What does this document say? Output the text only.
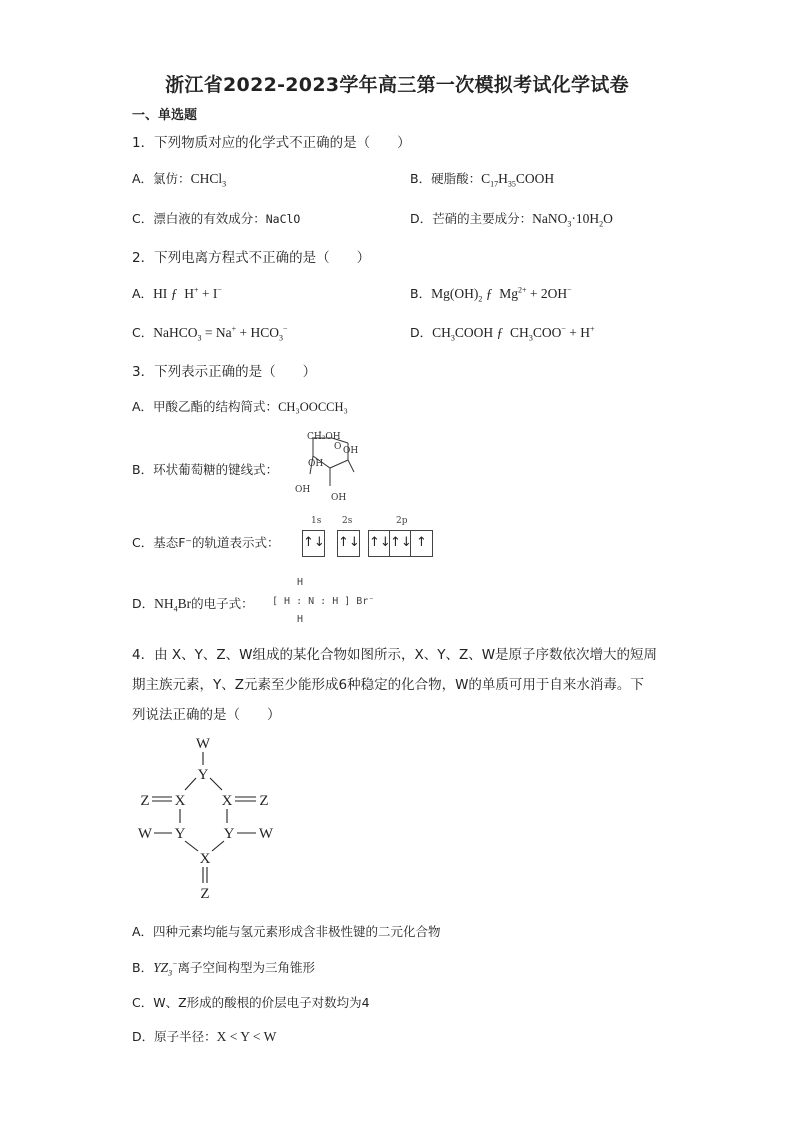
浙江省2022-2023学年高三第一次模拟考试化学试卷
一、单选题
1．下列物质对应的化学式不正确的是（　　）
A．氯仿：CHCl$_3$	B．硬脂酸：$C_{17}H_{35}COOH$
C．漂白液的有效成分：NaClO	D．芒硝的主要成分：$NaNO_3\cdot 10H_2O$
2．下列电离方程式不正确的是（　　）
A．HI ƒ  H+ + I−	B．$Mg(OH)_2$ ƒ  $Mg^{2+} + 2OH^-$
C．NaHCO$_3$ = $Na^+ + HCO_3^-$	D．$CH_3COOH$ ƒ  $CH_3COO^- + H^+$
3．下列表示正确的是（　　）
A．甲酸乙酯的结构简式：CH₃OOCCH₃
B．环状葡萄糖的键线式：
CH₂OH
O
OH
OH
OH
OH
C．基态F⁻的轨道表示式：
1s 2s	2p
↑↓ ↑↓ ↑↓ ↑↓ ↑
D．$NH_4Br$的电子式：
H
[ H : N : H ] Br⁻
H
4．由 X、Y、Z、W组成的某化合物如图所示，X、Y、Z、W是原子序数依次增大的短周
期主族元素，Y、Z元素至少能形成6种稳定的化合物，W的单质可用于自来水消毒。下
列说法正确的是（　　）
W
Y
Z X X Z
W Y	Y W
X
Z
A．四种元素均能与氢元素形成含非极性键的二元化合物
B．$YZ_3^-$离子空间构型为三角锥形
C．W、Z形成的酸根的价层电子对数均为4
D．原子半径：X < Y < W
